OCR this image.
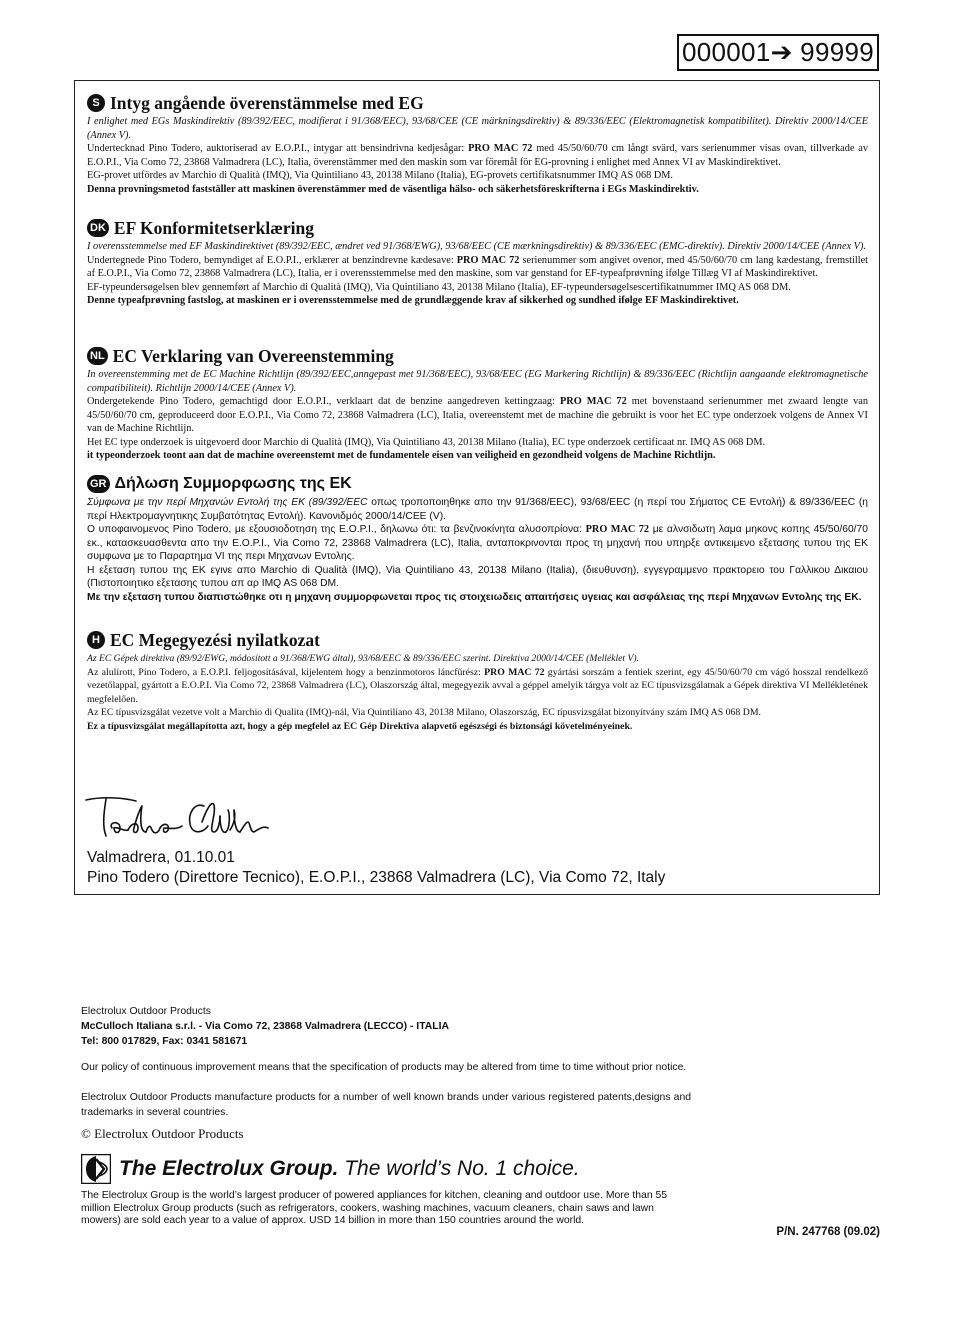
000001➔ 99999
S Intyg angående överenstämmelse med EG

I enlighet med EGs Maskindirektiv (89/392/EEC, modifierat i 91/368/EEC), 93/68/CEE (CE märkningsdirektiv) & 89/336/EEC (Elektromagnetisk kompatibilitet). Direktiv 2000/14/CEE (Annex V).

Undertecknad Pino Todero, auktoriserad av E.O.P.I., intygar att bensindrivna kedjesågar: PRO MAC 72 med 45/50/60/70 cm långt svärd, vars serienummer visas ovan, tillverkade av E.O.P.I., Via Como 72, 23868 Valmadrera (LC), Italia, överenstämmer med den maskin som var föremål för EG-provning i enlighet med Annex VI av Maskindirektivet.

EG-provet utfördes av Marchio di Qualità (IMQ), Via Quintiliano 43, 20138 Milano (Italia), EG-provets certifikatsnummer IMQ AS 068 DM.

Denna provningsmetod fastställer att maskinen överenstämmer med de väsentliga hälso- och säkerhetsföreskrifterna i EGs Maskindirektiv.

DK EF Konformitetserklæring

I overensstemmelse med EF Maskindirektivet (89/392/EEC, ændret ved 91/368/EWG), 93/68/EEC (CE mærkningsdirektiv) & 89/336/EEC (EMC-direktiv). Direktiv 2000/14/CEE (Annex V).

Undertegnede Pino Todero, bemyndiget af E.O.P.I., erklærer at benzindrevne kædesave: PRO MAC 72 serienummer som angivet ovenor, med 45/50/60/70 cm lang kædestang, fremstillet af E.O.P.I., Via Como 72, 23868 Valmadrera (LC), Italia, er i overensstemmelse med den maskine, som var genstand for EF-typeafprøvning ifølge Tillæg VI af Maskindirektivet.

EF-typeundersøgelsen blev gennemført af Marchio di Qualità (IMQ), Via Quintiliano 43, 20138 Milano (Italia), EF-typeundersøgelsescertifikatnummer IMQ AS 068 DM.

Denne typeafprøvning fastslog, at maskinen er i overensstemmelse med de grundlæggende krav af sikkerhed og sundhed ifølge EF Maskindirektivet.

NL EC Verklaring van Overeenstemming

In overeenstemming met de EC Machine Richtlijn (89/392/EEC,anngepast met 91/368/EEC), 93/68/EEC (EG Markering Richtlijn) & 89/336/EEC (Richtlijn aangaande elektromagnetische compatibiliteit). Richtlijn 2000/14/CEE (Annex V).

Ondergetekende Pino Todero, gemachtigd door E.O.P.I., verklaart dat de benzine aangedreven kettingzaag: PRO MAC 72 met bovenstaand serienummer met zwaard lengte van 45/50/60/70 cm, geproduceerd door E.O.P.I., Via Como 72, 23868 Valmadrera (LC), Italia, overeenstemt met de machine die gebruikt is voor het EC type onderzoek volgens de Annex VI van de Machine Richtlijn.

Het EC type onderzoek is uitgevoerd door Marchio di Qualità (IMQ), Via Quintiliano 43, 20138 Milano (Italia), EC type onderzoek certificaat nr. IMQ AS 068 DM.

it typeonderzoek toont aan dat de machine overeenstemt met de fundamentele eisen van veiligheid en gezondheid volgens de Machine Richtlijn.

GR Δήλωση Συμμορφωσης της ΕΚ

Σύμφωνα με την περί Μηχανών Εντολή της ΕΚ (89/392/EEC οπως τροποποιηθηκε απο την 91/368/EEC), 93/68/EEC (η περί του Σήματος CE Εντολή) & 89/336/EEC (η περί Ηλεκτρομαγνητικης Συμβατότητας Εντολή). Κανονιδμός 2000/14/CEE (V).

Ο υποφαινομενος Pino Todero, με εξουσιοδοτηση της E.O.P.I., δηλωνω ότι: τα βενζινοκίνητα αλυσοπρίονα: PRO MAC 72 με αλνσιδωτη λαμα μηκονς κοπης 45/50/60/70 εκ., κατασκευασθεντα απο την E.O.P.I., Via Como 72, 23868 Valmadrera (LC), Italia, ανταποκρινονται προς τη μηχανή που υπηρξε αντικειμενο εξετασης τυπου της ΕΚ συμφωνα με το Παραρτημα VI της περι Μηχανων Εντολης.

Η εξεταση τυπου της ΕΚ εγινε απο Marchio di Qualità (IMQ), Via Quintiliano 43, 20138 Milano (Italia), (διευθυνση), εγγεγραμμενο πρακτορειο του Γαλλικου Δικαιου (Πιστοποιητικο εξετασης τυπου απ αρ IMQ AS 068 DM.

Με την εξεταση τυπου διαπιστώθηκε οτι η μηχανη συμμορφωνεται προς τις στοιχειωδεις απαιτήσεις υγειας και ασφάλειας της περί Μηχανων Εντολης της ΕΚ.

H EC Megegyezési nyilatkozat

Az EC Gépek direktiva (89/92/EWG, módosított a 91/368/EWG által), 93/68/EEC & 89/336/EEC szerint. Direktiva 2000/14/CEE (Melléklet V).

Az alulírott, Pino Todero, a E.O.P.I. feljogosításával, kijelentem hogy a benzinmotoros láncfűrész: PRO MAC 72 gyártási sorszám a fentiek szerint, egy 45/50/60/70 cm vágó hosszal rendelkező vezetőlappal, gyártott a E.O.P.I. Via Como 72, 23868 Valmadrera (LC), Olaszország által, megegyezik avval a géppel amelyik tárgya volt az EC típusvizsgálatnak a Gépek direktiva VI Mellékletének megfelelően.

Az EC típusvizsgálat vezetve volt a Marchio di Qualita (IMQ)-nál, Via Quintiliano 43, 20138 Milano, Olaszország, EC típusvizsgálat bizonyítvány szám IMQ AS 068 DM.

Ez a típusvizsgálat megállapította azt, hogy a gép megfelel az EC Gép Direktiva alapvető egészségi és biztonsági követelményeinek.

Valmadrera, 01.10.01
Pino Todero (Direttore Tecnico), E.O.P.I., 23868 Valmadrera (LC), Via Como 72, Italy
Electrolux Outdoor Products
McCulloch Italiana s.r.l. - Via Como 72, 23868 Valmadrera (LECCO) - ITALIA
Tel: 800 017829, Fax: 0341 581671
Our policy of continuous improvement means that the specification of products may be altered from time to time without prior notice.
Electrolux Outdoor Products manufacture products for a number of well known brands under various registered patents,designs and trademarks in several countries.
© Electrolux Outdoor Products
The Electrolux Group. The world’s No. 1 choice.
The Electrolux Group is the world’s largest producer of powered appliances for kitchen, cleaning and outdoor use. More than 55 million Electrolux Group products (such as refrigerators, cookers, washing machines, vacuum cleaners, chain saws and lawn mowers) are sold each year to a value of approx. USD 14 billion in more than 150 countries around the world.
P/N. 247768 (09.02)
